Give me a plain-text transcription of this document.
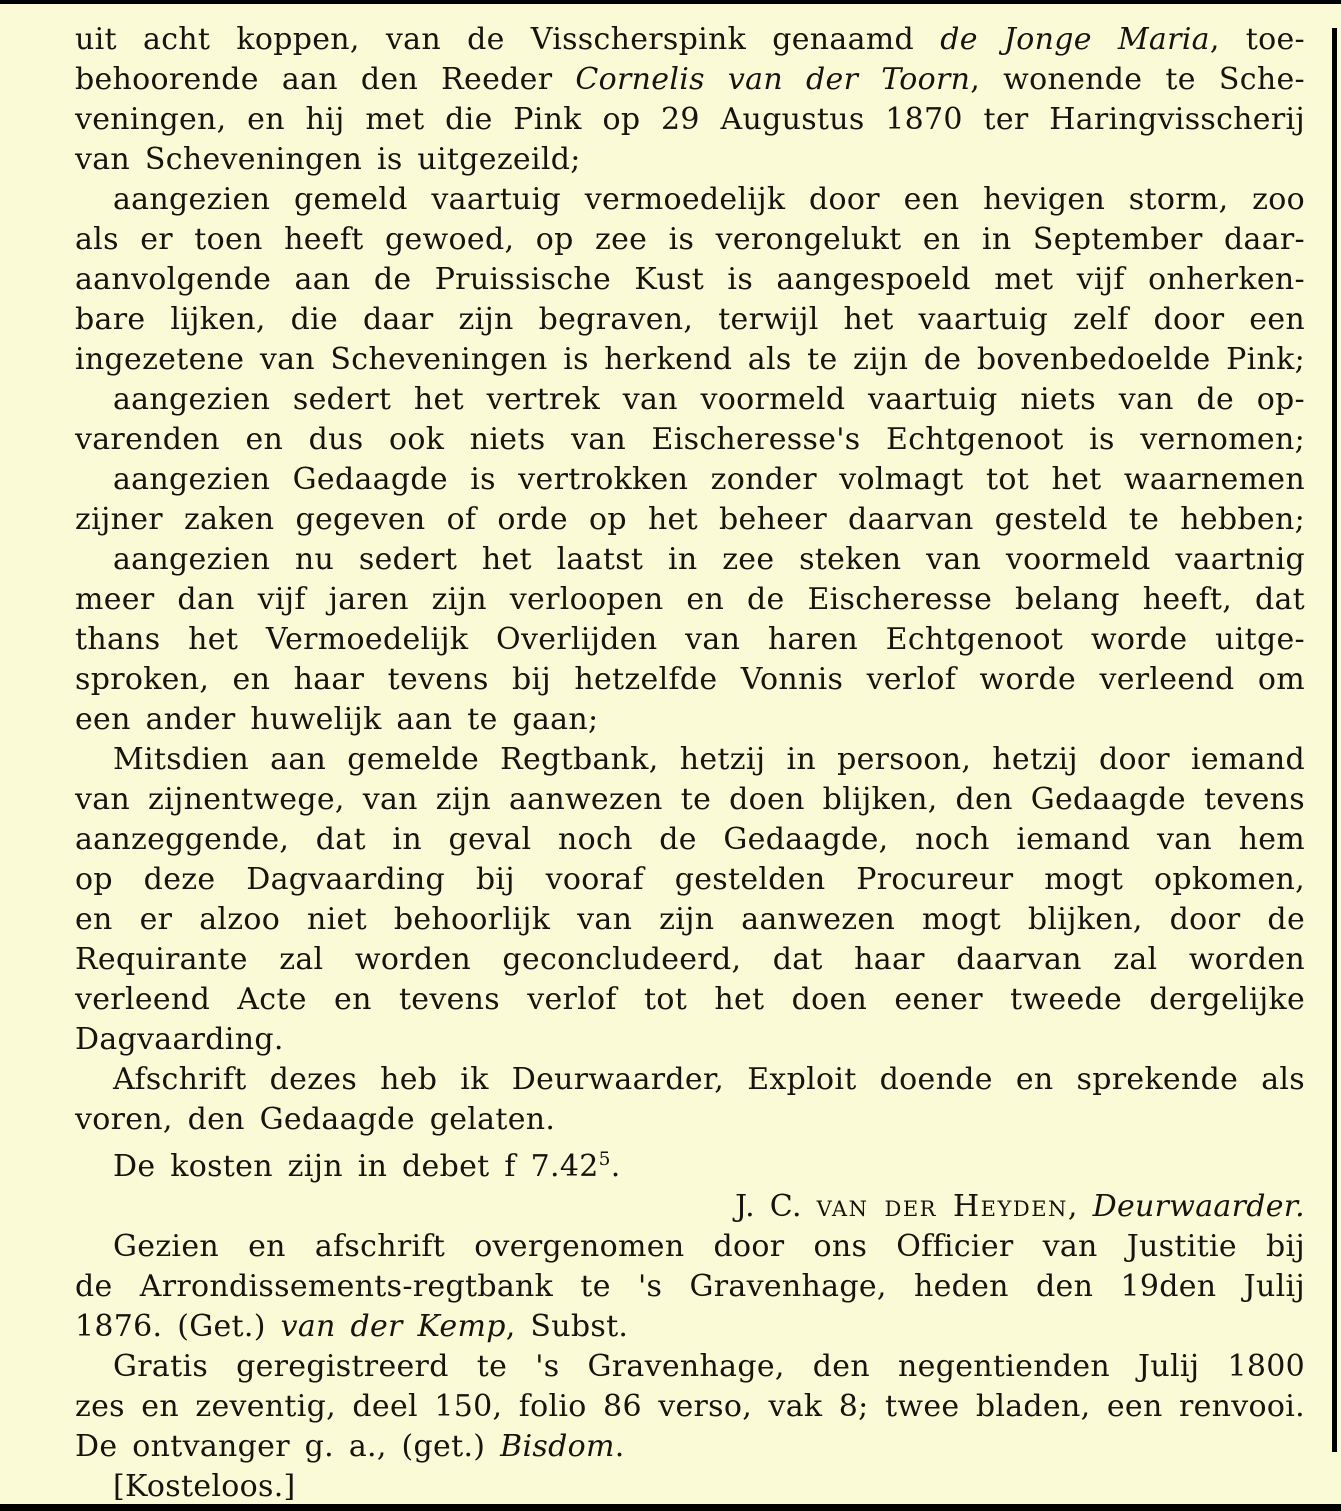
uit acht koppen, van de Visscherspink genaamd de Jonge Maria, toe-
behoorende aan den Reeder Cornelis van der Toorn, wonende te Sche-
veningen, en hij met die Pink op 29 Augustus 1870 ter Haringvisscherij
van Scheveningen is uitgezeild;
aangezien gemeld vaartuig vermoedelijk door een hevigen storm, zoo
als er toen heeft gewoed, op zee is verongelukt en in September daar-
aanvolgende aan de Pruissische Kust is aangespoeld met vijf onherken-
bare lijken, die daar zijn begraven, terwijl het vaartuig zelf door een
ingezetene van Scheveningen is herkend als te zijn de bovenbedoelde Pink;
aangezien sedert het vertrek van voormeld vaartuig niets van de op-
varenden en dus ook niets van Eischeresse's Echtgenoot is vernomen;
aangezien Gedaagde is vertrokken zonder volmagt tot het waarnemen
zijner zaken gegeven of orde op het beheer daarvan gesteld te hebben;
aangezien nu sedert het laatst in zee steken van voormeld vaartnig
meer dan vijf jaren zijn verloopen en de Eischeresse belang heeft, dat
thans het Vermoedelijk Overlijden van haren Echtgenoot worde uitge-
sproken, en haar tevens bij hetzelfde Vonnis verlof worde verleend om
een ander huwelijk aan te gaan;
Mitsdien aan gemelde Regtbank, hetzij in persoon, hetzij door iemand
van zijnentwege, van zijn aanwezen te doen blijken, den Gedaagde tevens
aanzeggende, dat in geval noch de Gedaagde, noch iemand van hem
op deze Dagvaarding bij vooraf gestelden Procureur mogt opkomen,
en er alzoo niet behoorlijk van zijn aanwezen mogt blijken, door de
Requirante zal worden geconcludeerd, dat haar daarvan zal worden
verleend Acte en tevens verlof tot het doen eener tweede dergelijke
Dagvaarding.
Afschrift dezes heb ik Deurwaarder, Exploit doende en sprekende als
voren, den Gedaagde gelaten.
De kosten zijn in debet f 7.42$^5$.
J. C. van der Heyden, Deurwaarder.
Gezien en afschrift overgenomen door ons Officier van Justitie bij
de Arrondissements-regtbank te 's Gravenhage, heden den 19den Julij
1876. (Get.) van der Kemp, Subst.
Gratis geregistreerd te 's Gravenhage, den negentienden Julij 1800
zes en zeventig, deel 150, folio 86 verso, vak 8; twee bladen, een renvooi.
De ontvanger g. a., (get.) Bisdom.
[Kosteloos.]
